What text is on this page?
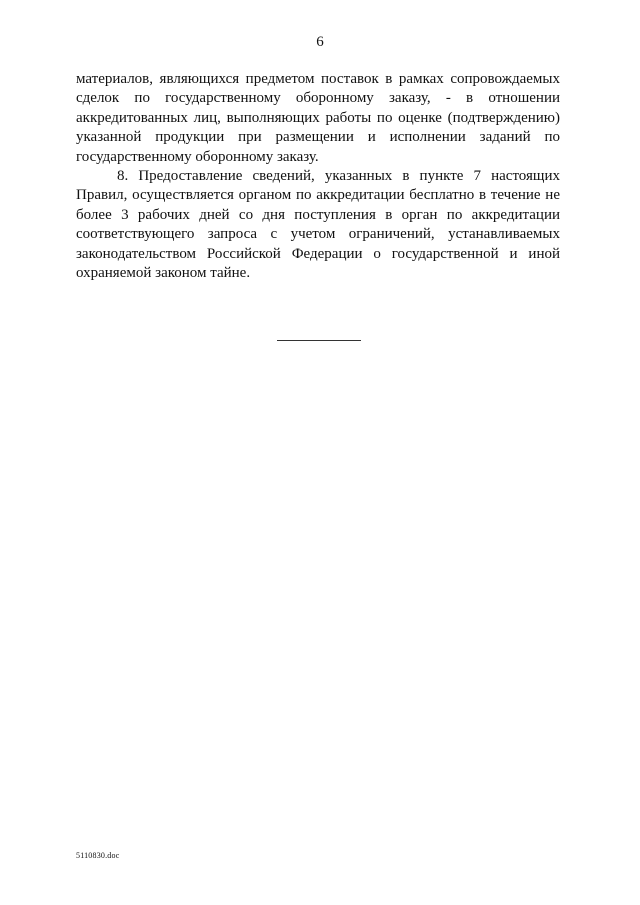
6

материалов, являющихся предметом поставок в рамках сопровождаемых сделок по государственному оборонному заказу, - в отношении аккредитованных лиц, выполняющих работы по оценке (подтверждению) указанной продукции при размещении и исполнении заданий по государственному оборонному заказу.

8. Предоставление сведений, указанных в пункте 7 настоящих Правил, осуществляется органом по аккредитации бесплатно в течение не более 3 рабочих дней со дня поступления в орган по аккредитации соответствующего запроса с учетом ограничений, устанавливаемых законодательством Российской Федерации о государственной и иной охраняемой законом тайне.

5110830.doc
